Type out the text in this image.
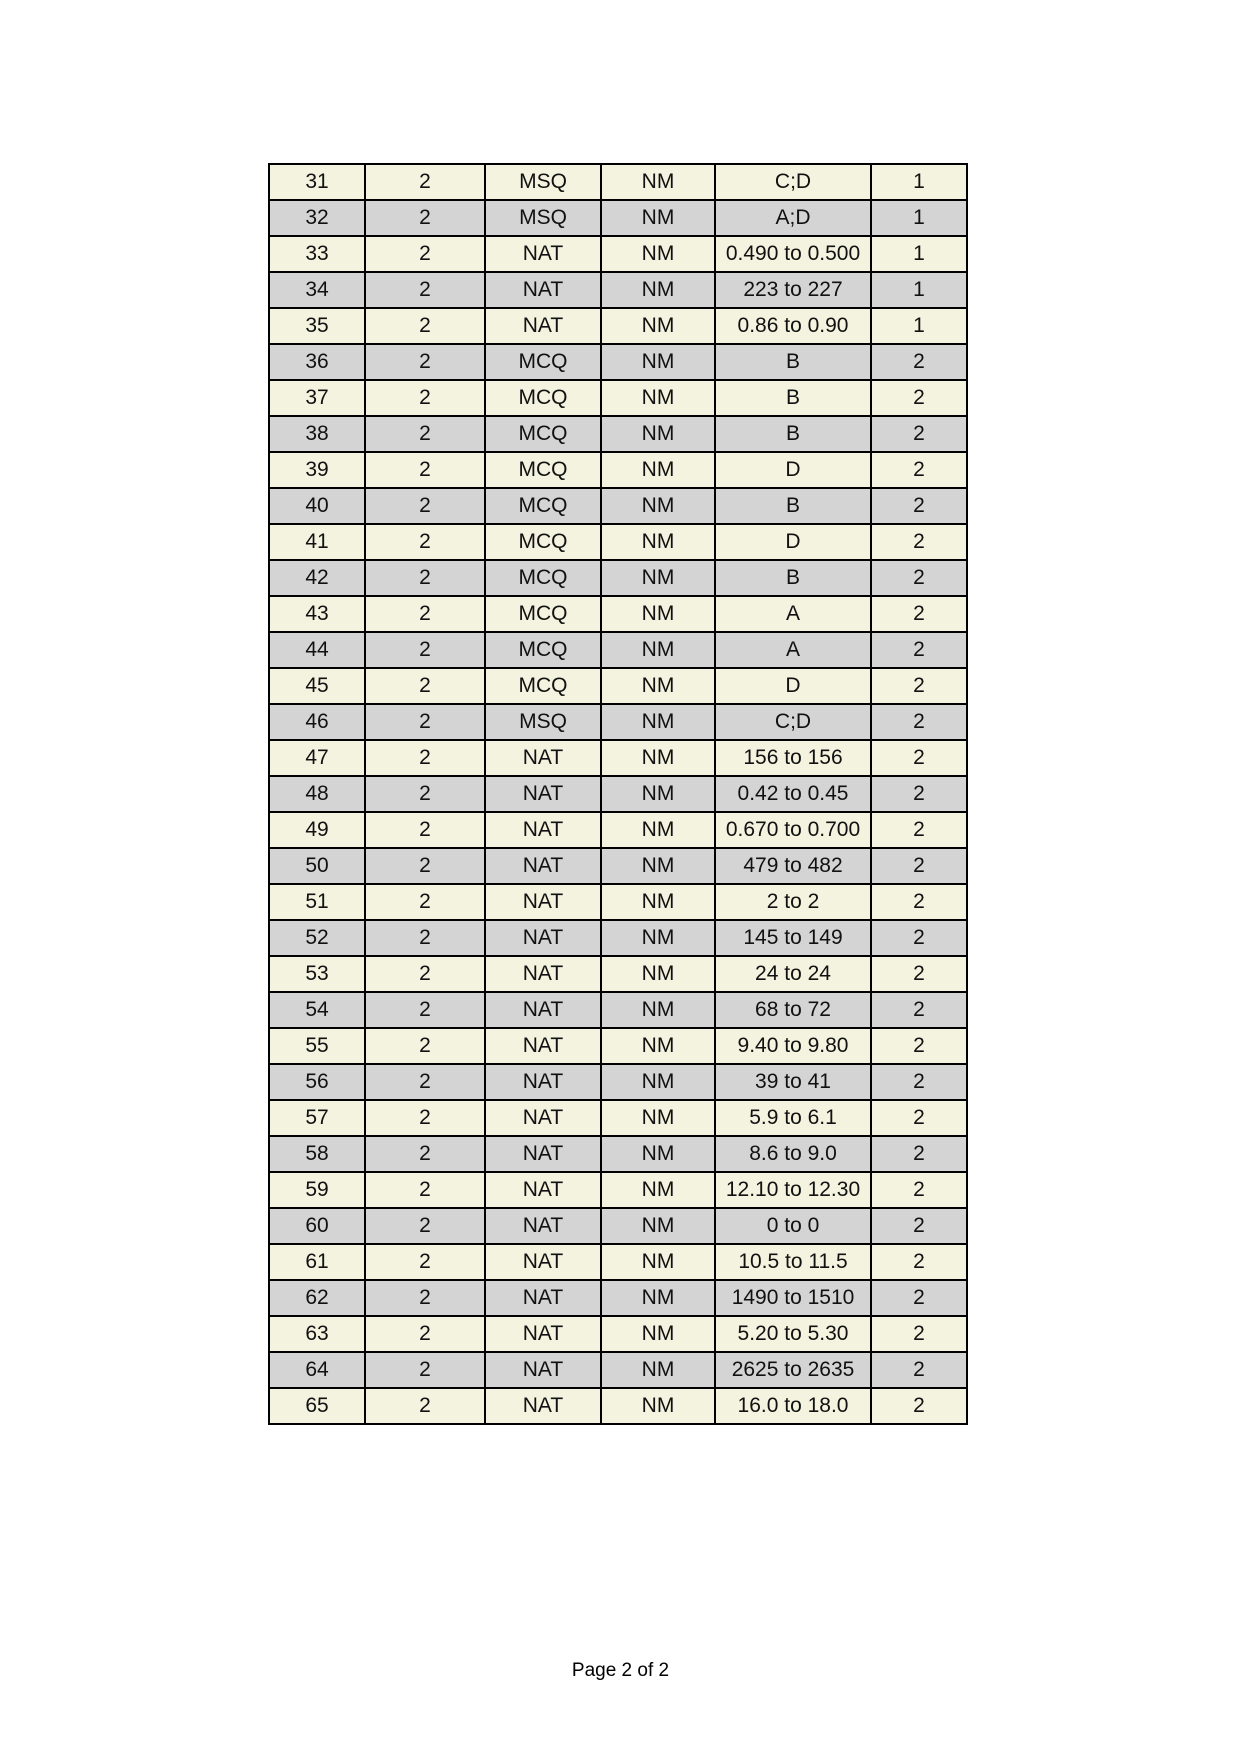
31	2	MSQ	NM	C;D	1
32	2	MSQ	NM	A;D	1
33	2	NAT	NM	0.490 to 0.500	1
34	2	NAT	NM	223 to 227	1
35	2	NAT	NM	0.86 to 0.90	1
36	2	MCQ	NM	B	2
37	2	MCQ	NM	B	2
38	2	MCQ	NM	B	2
39	2	MCQ	NM	D	2
40	2	MCQ	NM	B	2
41	2	MCQ	NM	D	2
42	2	MCQ	NM	B	2
43	2	MCQ	NM	A	2
44	2	MCQ	NM	A	2
45	2	MCQ	NM	D	2
46	2	MSQ	NM	C;D	2
47	2	NAT	NM	156 to 156	2
48	2	NAT	NM	0.42 to 0.45	2
49	2	NAT	NM	0.670 to 0.700	2
50	2	NAT	NM	479 to 482	2
51	2	NAT	NM	2 to 2	2
52	2	NAT	NM	145 to 149	2
53	2	NAT	NM	24 to 24	2
54	2	NAT	NM	68 to 72	2
55	2	NAT	NM	9.40 to 9.80	2
56	2	NAT	NM	39 to 41	2
57	2	NAT	NM	5.9 to 6.1	2
58	2	NAT	NM	8.6 to 9.0	2
59	2	NAT	NM	12.10 to 12.30	2
60	2	NAT	NM	0 to 0	2
61	2	NAT	NM	10.5 to 11.5	2
62	2	NAT	NM	1490 to 1510	2
63	2	NAT	NM	5.20 to 5.30	2
64	2	NAT	NM	2625 to 2635	2
65	2	NAT	NM	16.0 to 18.0	2
Page 2 of 2
